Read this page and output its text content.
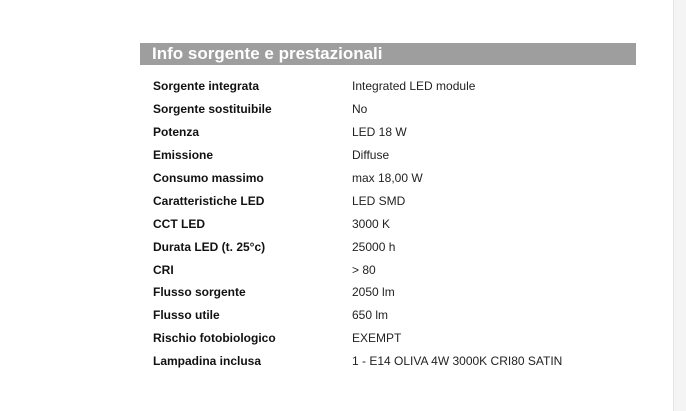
Info sorgente e prestazionali
Sorgente integrata	Integrated LED module
Sorgente sostituibile	No
Potenza	LED 18 W
Emissione	Diffuse
Consumo massimo	max 18,00 W
Caratteristiche LED	LED SMD
CCT LED	3000 K
Durata LED (t. 25°c)	25000 h
CRI	> 80
Flusso sorgente	2050 lm
Flusso utile	650 lm
Rischio fotobiologico	EXEMPT
Lampadina inclusa	1 - E14 OLIVA 4W 3000K CRI80 SATIN
